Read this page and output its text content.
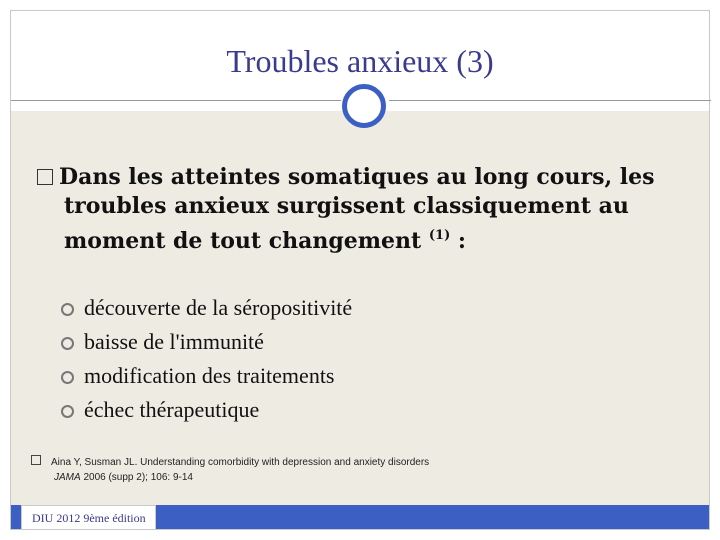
Troubles anxieux (3)
Dans les atteintes somatiques au long cours, les
troubles anxieux surgissent classiquement au
moment de tout changement $^{(1)}$ :
découverte de la séropositivité
baisse de l'immunité
modification des traitements
échec thérapeutique
Aina Y, Susman JL. Understanding comorbidity with depression and anxiety disorders
JAMA 2006 (supp 2); 106: 9-14
DIU 2012 9ème édition
